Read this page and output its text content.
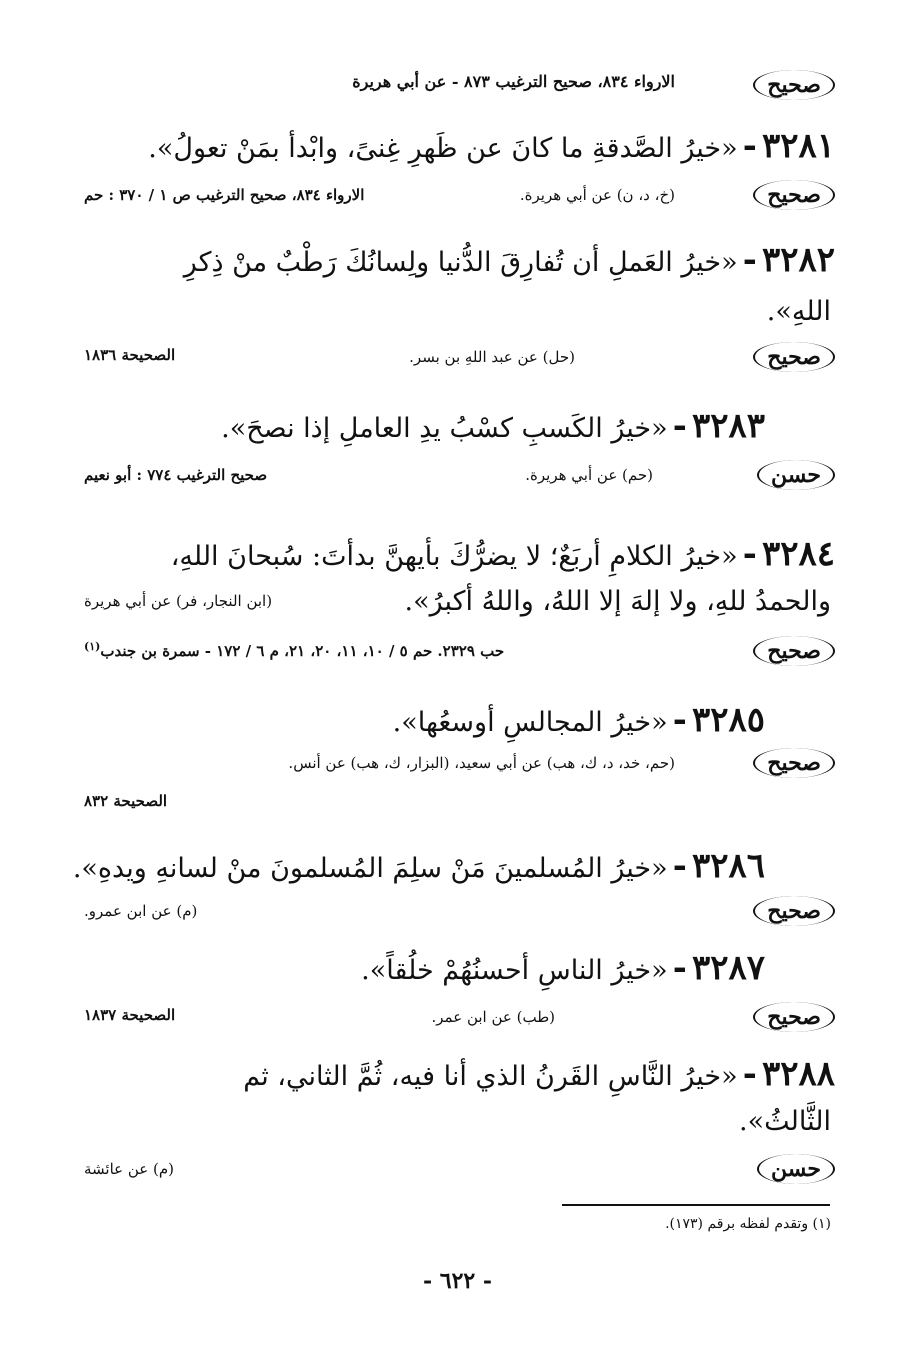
صحيح
الارواء ٨٣٤، صحيح الترغيب ٨٧٣ - عن أبي هريرة
٣٢٨١ - «خيرُ الصَّدقةِ ما كانَ عن ظَهرِ غِنىً، وابْدأ بمَنْ تعولُ».
صحيح
(خ، د، ن) عن أبي هريرة.
الارواء ٨٣٤، صحيح الترغيب ص ١ / ٣٧٠ : حم
٣٢٨٢ - «خيرُ العَملِ أن تُفارِقَ الدُّنيا ولِسانُكَ رَطْبٌ منْ ذِكرِ
اللهِ».
صحيح
(حل) عن عبد اللهِ بن بسر.
الصحيحة ١٨٣٦
٣٢٨٣ - «خيرُ الكَسبِ كسْبُ يدِ العاملِ إذا نصحَ».
حسن
(حم) عن أبي هريرة.
صحيح الترغيب ٧٧٤ : أبو نعيم
٣٢٨٤ - «خيرُ الكلامِ أربَعٌ؛ لا يضرُّكَ بأيهنَّ بدأتَ: سُبحانَ اللهِ،
والحمدُ للهِ، ولا إلهَ إلا اللهُ، واللهُ أكبرُ».
(ابن النجار، فر) عن أبي هريرة
صحيح
حب ٢٣٢٩. حم ٥ / ١٠، ١١، ٢٠، ٢١، م ٦ / ١٧٢ - سمرة بن جندب$^{(١)}$
٣٢٨٥ - «خيرُ المجالسِ أوسعُها».
صحيح
(حم، خد، د، ك، هب) عن أبي سعيد، (البزار، ك، هب) عن أنس.
الصحيحة ٨٣٢
٣٢٨٦ - «خيرُ المُسلمينَ مَنْ سلِمَ المُسلمونَ منْ لسانهِ ويدهِ».
صحيح
(م) عن ابن عمرو.
٣٢٨٧ - «خيرُ الناسِ أحسنُهُمْ خلُقاً».
صحيح
(طب) عن ابن عمر.
الصحيحة ١٨٣٧
٣٢٨٨ - «خيرُ النَّاسِ القَرنُ الذي أنا فيه، ثُمَّ الثاني، ثم
الثَّالثُ».
حسن
(م) عن عائشة
(١) وتقدم لفظه برقم (١٧٣).
- ٦٢٢ -
